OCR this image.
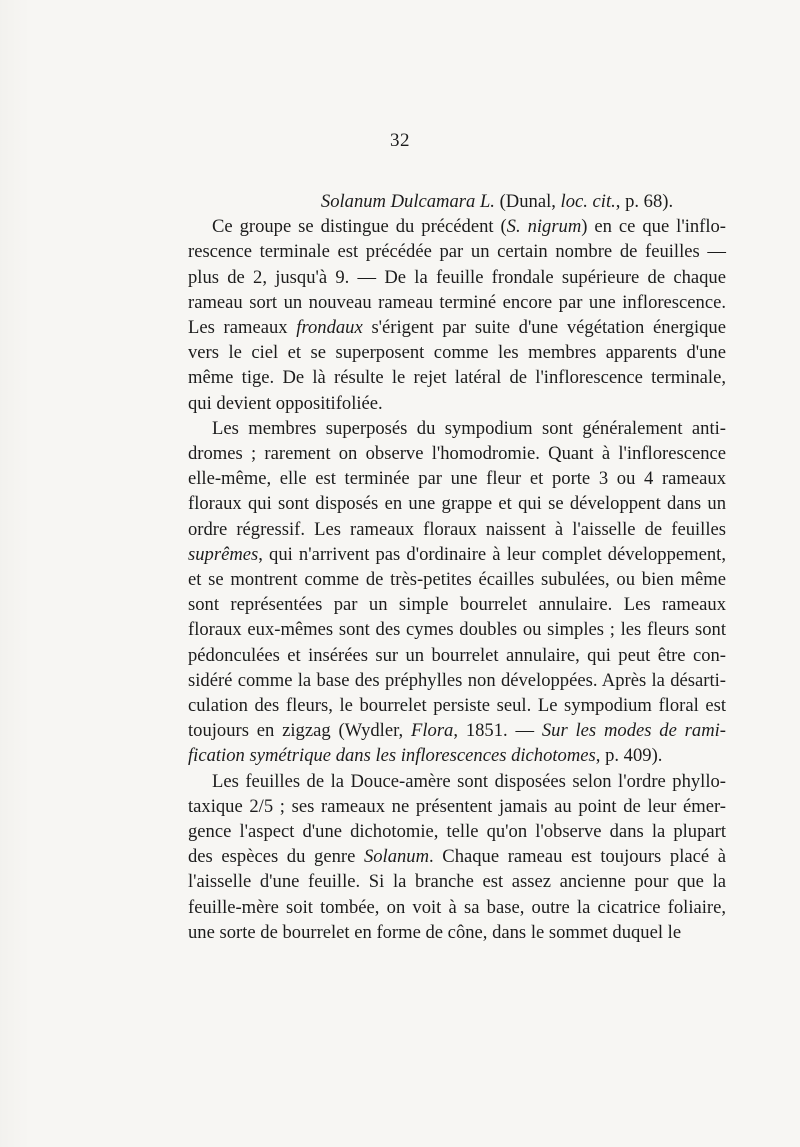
32
Solanum Dulcamara L. (Dunal, loc. cit., p. 68).
Ce groupe se distingue du précédent (S. nigrum) en ce que l'inflo-
rescence terminale est précédée par un certain nombre de feuilles —
plus de 2, jusqu'à 9. — De la feuille frondale supérieure de chaque
rameau sort un nouveau rameau terminé encore par une inflorescence.
Les rameaux frondaux s'érigent par suite d'une végétation énergique
vers le ciel et se superposent comme les membres apparents d'une
même tige. De là résulte le rejet latéral de l'inflorescence terminale,
qui devient oppositifoliée.
Les membres superposés du sympodium sont généralement anti-
dromes ; rarement on observe l'homodromie. Quant à l'inflorescence
elle-même, elle est terminée par une fleur et porte 3 ou 4 rameaux
floraux qui sont disposés en une grappe et qui se développent dans un
ordre régressif. Les rameaux floraux naissent à l'aisselle de feuilles
suprêmes, qui n'arrivent pas d'ordinaire à leur complet développement,
et se montrent comme de très-petites écailles subulées, ou bien même
sont représentées par un simple bourrelet annulaire. Les rameaux
floraux eux-mêmes sont des cymes doubles ou simples ; les fleurs sont
pédonculées et insérées sur un bourrelet annulaire, qui peut être con-
sidéré comme la base des préphylles non développées. Après la désarti-
culation des fleurs, le bourrelet persiste seul. Le sympodium floral est
toujours en zigzag (Wydler, Flora, 1851. — Sur les modes de rami-
fication symétrique dans les inflorescences dichotomes, p. 409).
Les feuilles de la Douce-amère sont disposées selon l'ordre phyllo-
taxique 2/5 ; ses rameaux ne présentent jamais au point de leur émer-
gence l'aspect d'une dichotomie, telle qu'on l'observe dans la plupart
des espèces du genre Solanum. Chaque rameau est toujours placé à
l'aisselle d'une feuille. Si la branche est assez ancienne pour que la
feuille-mère soit tombée, on voit à sa base, outre la cicatrice foliaire,
une sorte de bourrelet en forme de cône, dans le sommet duquel le
